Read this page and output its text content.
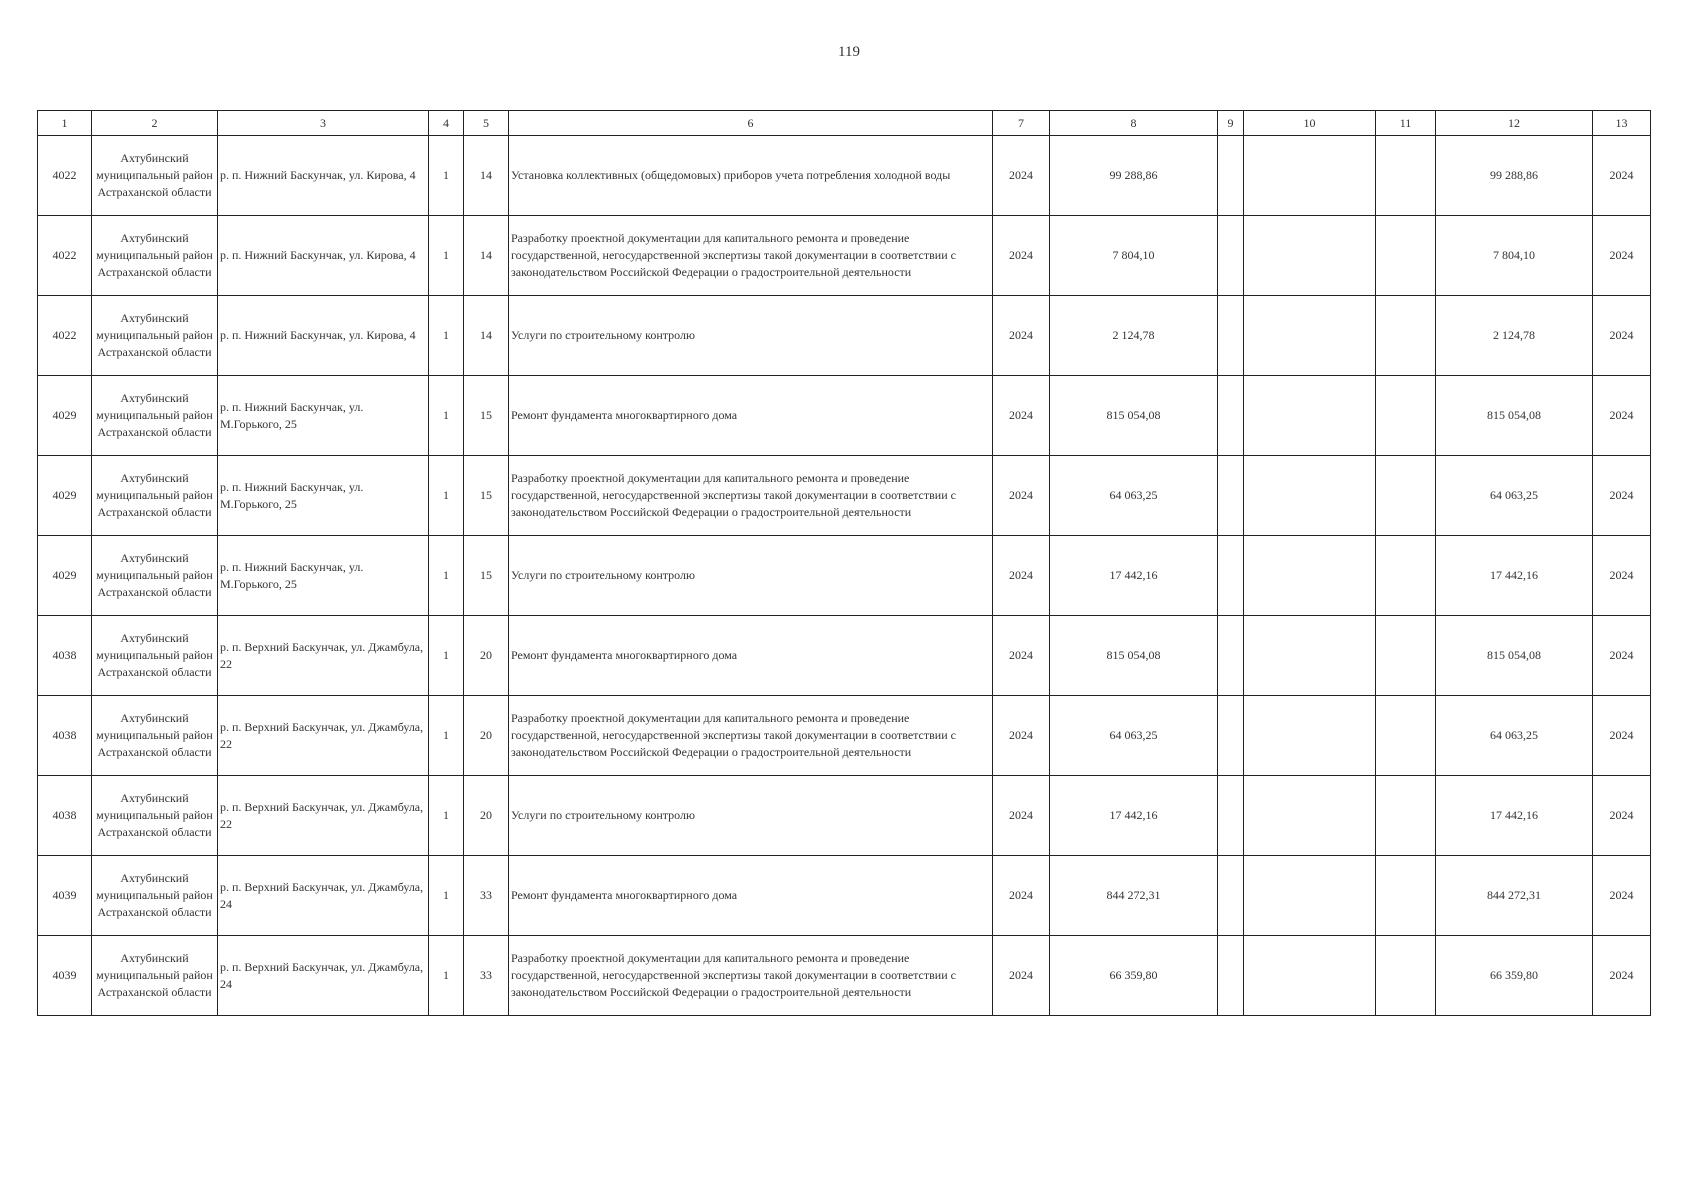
119
1	2	3	4	5	6	7	8	9	10	11	12	13
4022	Ахтубинский муниципальный район Астраханской области	р. п. Нижний Баскунчак, ул. Кирова, 4	1	14	Установка коллективных (общедомовых) приборов учета потребления холодной воды	2024	99 288,86				99 288,86	2024
4022	Ахтубинский муниципальный район Астраханской области	р. п. Нижний Баскунчак, ул. Кирова, 4	1	14	Разработку проектной документации для капитального ремонта и проведение государственной, негосударственной экспертизы такой документации в соответствии с законодательством Российской Федерации о градостроительной деятельности	2024	7 804,10				7 804,10	2024
4022	Ахтубинский муниципальный район Астраханской области	р. п. Нижний Баскунчак, ул. Кирова, 4	1	14	Услуги по строительному контролю	2024	2 124,78				2 124,78	2024
4029	Ахтубинский муниципальный район Астраханской области	р. п. Нижний Баскунчак, ул. М.Горького, 25	1	15	Ремонт фундамента многоквартирного дома	2024	815 054,08				815 054,08	2024
4029	Ахтубинский муниципальный район Астраханской области	р. п. Нижний Баскунчак, ул. М.Горького, 25	1	15	Разработку проектной документации для капитального ремонта и проведение государственной, негосударственной экспертизы такой документации в соответствии с законодательством Российской Федерации о градостроительной деятельности	2024	64 063,25				64 063,25	2024
4029	Ахтубинский муниципальный район Астраханской области	р. п. Нижний Баскунчак, ул. М.Горького, 25	1	15	Услуги по строительному контролю	2024	17 442,16				17 442,16	2024
4038	Ахтубинский муниципальный район Астраханской области	р. п. Верхний Баскунчак, ул. Джамбула, 22	1	20	Ремонт фундамента многоквартирного дома	2024	815 054,08				815 054,08	2024
4038	Ахтубинский муниципальный район Астраханской области	р. п. Верхний Баскунчак, ул. Джамбула, 22	1	20	Разработку проектной документации для капитального ремонта и проведение государственной, негосударственной экспертизы такой документации в соответствии с законодательством Российской Федерации о градостроительной деятельности	2024	64 063,25				64 063,25	2024
4038	Ахтубинский муниципальный район Астраханской области	р. п. Верхний Баскунчак, ул. Джамбула, 22	1	20	Услуги по строительному контролю	2024	17 442,16				17 442,16	2024
4039	Ахтубинский муниципальный район Астраханской области	р. п. Верхний Баскунчак, ул. Джамбула, 24	1	33	Ремонт фундамента многоквартирного дома	2024	844 272,31				844 272,31	2024
4039	Ахтубинский муниципальный район Астраханской области	р. п. Верхний Баскунчак, ул. Джамбула, 24	1	33	Разработку проектной документации для капитального ремонта и проведение государственной, негосударственной экспертизы такой документации в соответствии с законодательством Российской Федерации о градостроительной деятельности	2024	66 359,80				66 359,80	2024
